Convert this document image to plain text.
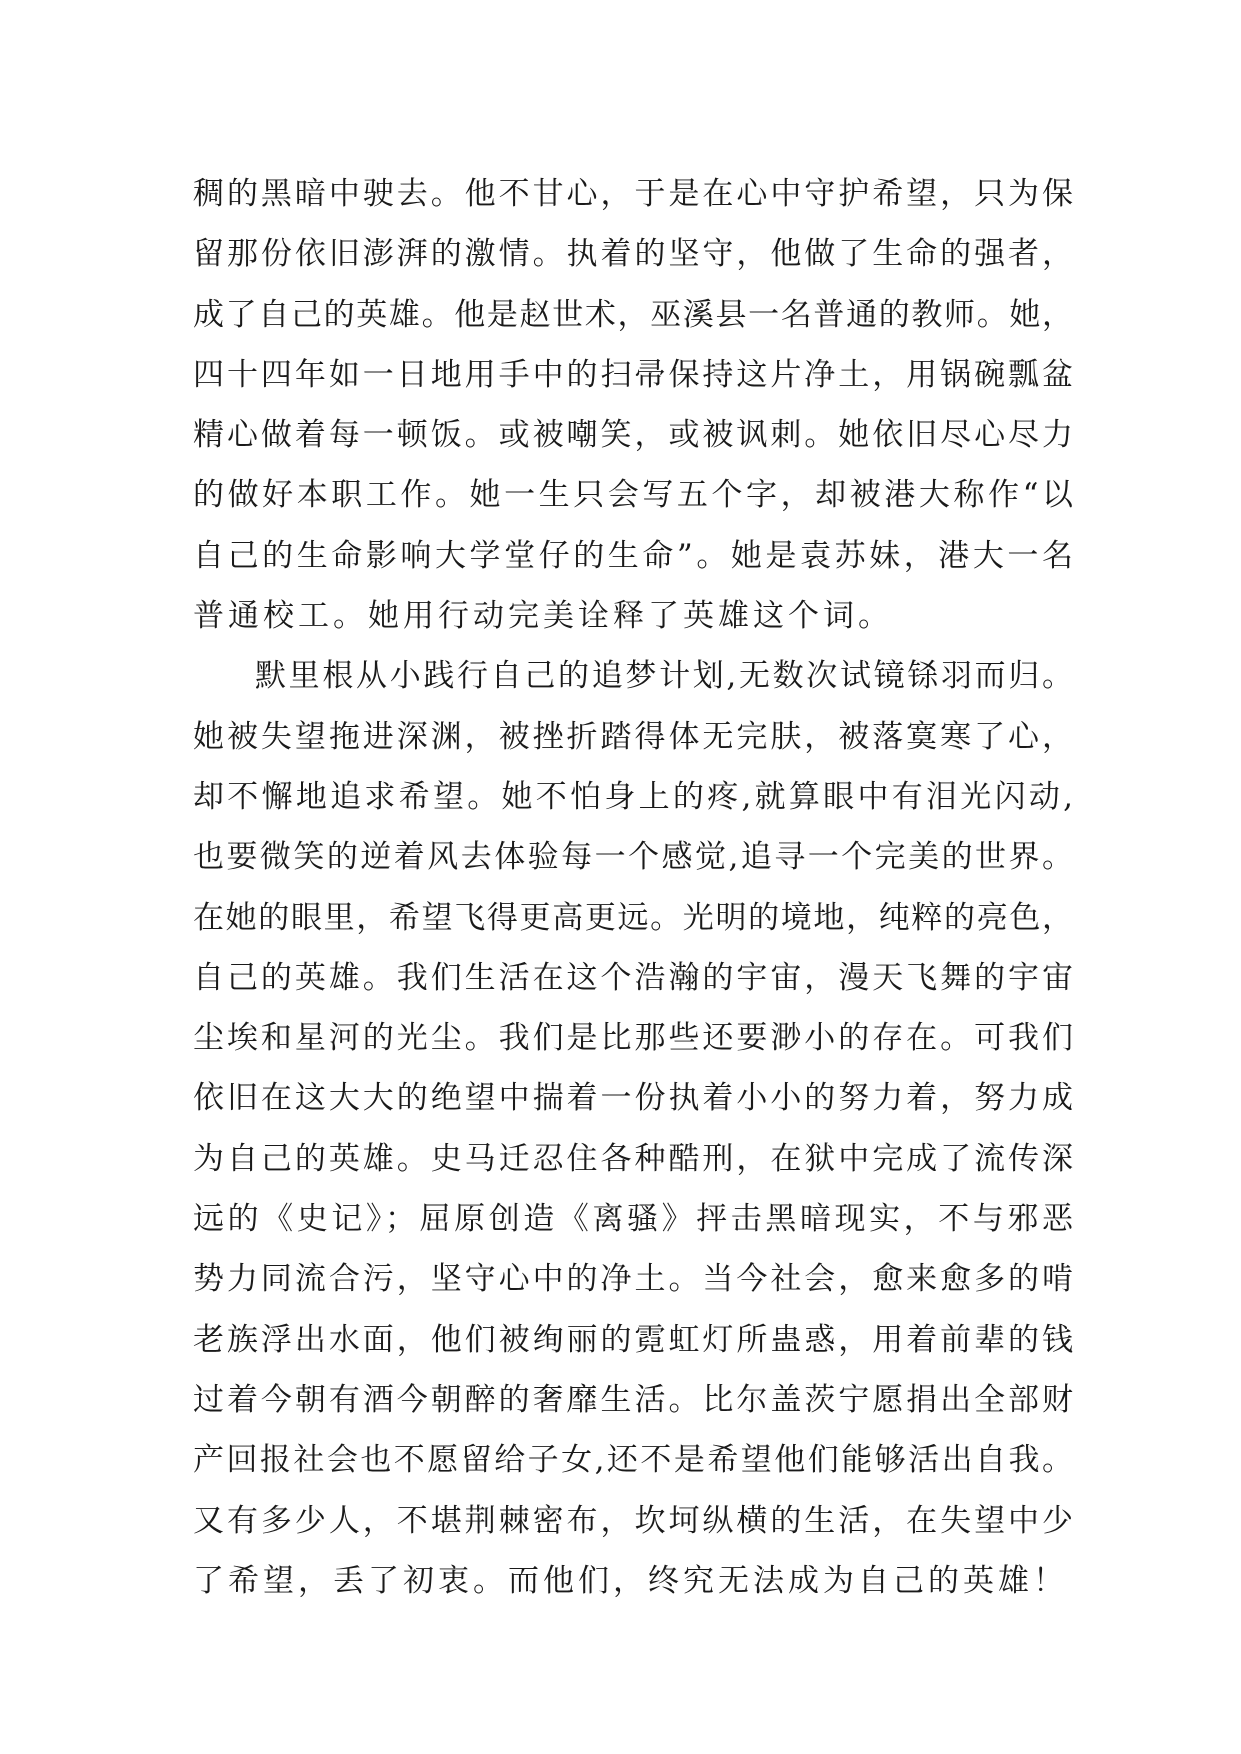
稠的黑暗中驶去。他不甘心，于是在心中守护希望，只为保
留那份依旧澎湃的激情。执着的坚守，他做了生命的强者，
成了自己的英雄。他是赵世术，巫溪县一名普通的教师。她，
四十四年如一日地用手中的扫帚保持这片净土，用锅碗瓢盆
精心做着每一顿饭。或被嘲笑，或被讽刺。她依旧尽心尽力
的做好本职工作。她一生只会写五个字，却被港大称作“以
自己的生命影响大学堂仔的生命”。她是袁苏妹，港大一名
普通校工。她用行动完美诠释了英雄这个词。
默里根从小践行自己的追梦计划,无数次试镜铩羽而归。
她被失望拖进深渊，被挫折踏得体无完肤，被落寞寒了心，
却不懈地追求希望。她不怕身上的疼,就算眼中有泪光闪动,
也要微笑的逆着风去体验每一个感觉,追寻一个完美的世界。
在她的眼里，希望飞得更高更远。光明的境地，纯粹的亮色，
自己的英雄。我们生活在这个浩瀚的宇宙，漫天飞舞的宇宙
尘埃和星河的光尘。我们是比那些还要渺小的存在。可我们
依旧在这大大的绝望中揣着一份执着小小的努力着，努力成
为自己的英雄。史马迁忍住各种酷刑，在狱中完成了流传深
远的《史记》；屈原创造《离骚》抨击黑暗现实，不与邪恶
势力同流合污，坚守心中的净土。当今社会，愈来愈多的啃
老族浮出水面，他们被绚丽的霓虹灯所蛊惑，用着前辈的钱
过着今朝有酒今朝醉的奢靡生活。比尔盖茨宁愿捐出全部财
产回报社会也不愿留给子女,还不是希望他们能够活出自我。
又有多少人，不堪荆棘密布，坎坷纵横的生活，在失望中少
了希望，丢了初衷。而他们，终究无法成为自己的英雄！
